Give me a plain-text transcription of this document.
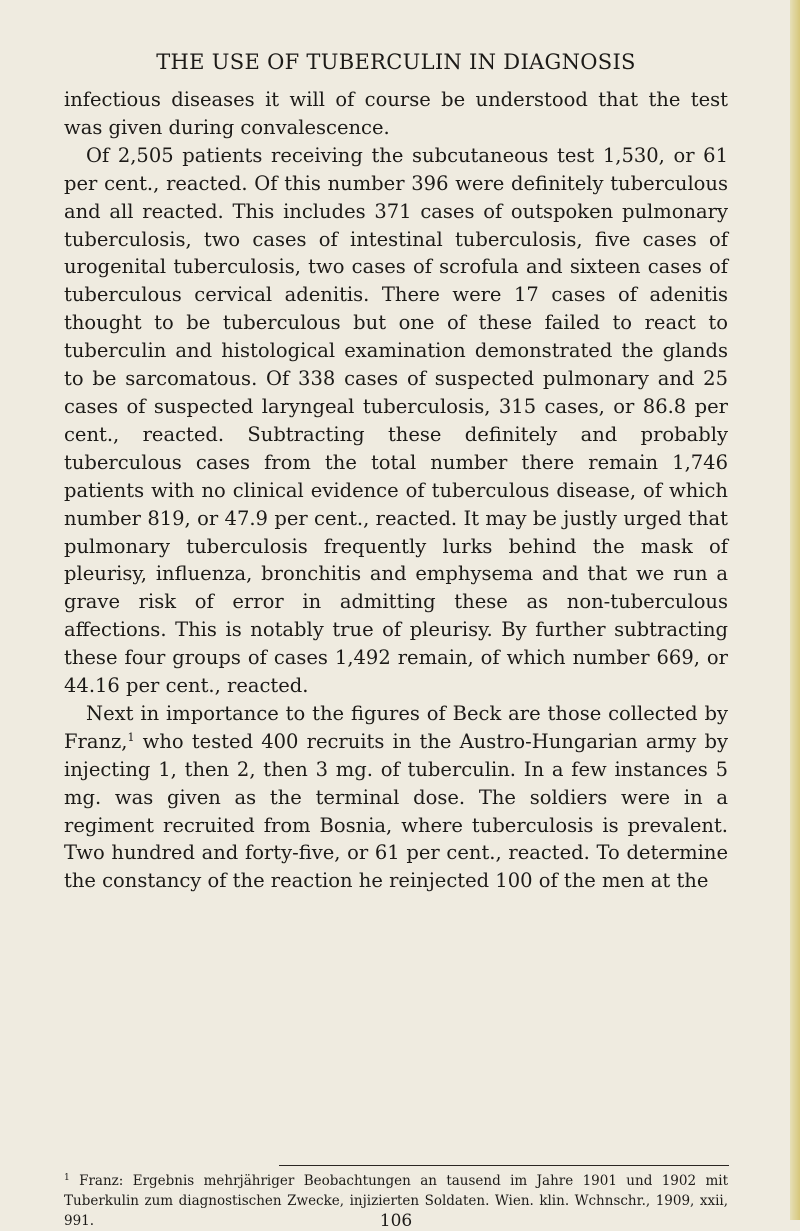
THE USE OF TUBERCULIN IN DIAGNOSIS

infectious diseases it will of course be understood that the test was given during convalescence.

Of 2,505 patients receiving the subcutaneous test 1,530, or 61 per cent., reacted. Of this number 396 were definitely tuberculous and all reacted. This includes 371 cases of outspoken pulmonary tuberculosis, two cases of intestinal tuberculosis, five cases of urogenital tuberculosis, two cases of scrofula and sixteen cases of tuberculous cervical adenitis. There were 17 cases of adenitis thought to be tuberculous but one of these failed to react to tuberculin and histological examination demonstrated the glands to be sarcomatous. Of 338 cases of suspected pulmonary and 25 cases of suspected laryngeal tuberculosis, 315 cases, or 86.8 per cent., reacted. Subtracting these definitely and probably tuberculous cases from the total number there remain 1,746 patients with no clinical evidence of tuberculous disease, of which number 819, or 47.9 per cent., reacted. It may be justly urged that pulmonary tuberculosis frequently lurks behind the mask of pleurisy, influenza, bronchitis and emphysema and that we run a grave risk of error in admitting these as non-tuberculous affections. This is notably true of pleurisy. By further subtracting these four groups of cases 1,492 remain, of which number 669, or 44.16 per cent., reacted.

Next in importance to the figures of Beck are those collected by Franz,$^1$ who tested 400 recruits in the Austro-Hungarian army by injecting 1, then 2, then 3 mg. of tuberculin. In a few instances 5 mg. was given as the terminal dose. The soldiers were in a regiment recruited from Bosnia, where tuberculosis is prevalent. Two hundred and forty-five, or 61 per cent., reacted. To determine the constancy of the reaction he reinjected 100 of the men at the

$^1$ Franz: Ergebnis mehrjähriger Beobachtungen an tausend im Jahre 1901 und 1902 mit Tuberkulin zum diagnostischen Zwecke, injizierten Soldaten. Wien. klin. Wchnschr., 1909, xxii, 991.	106
